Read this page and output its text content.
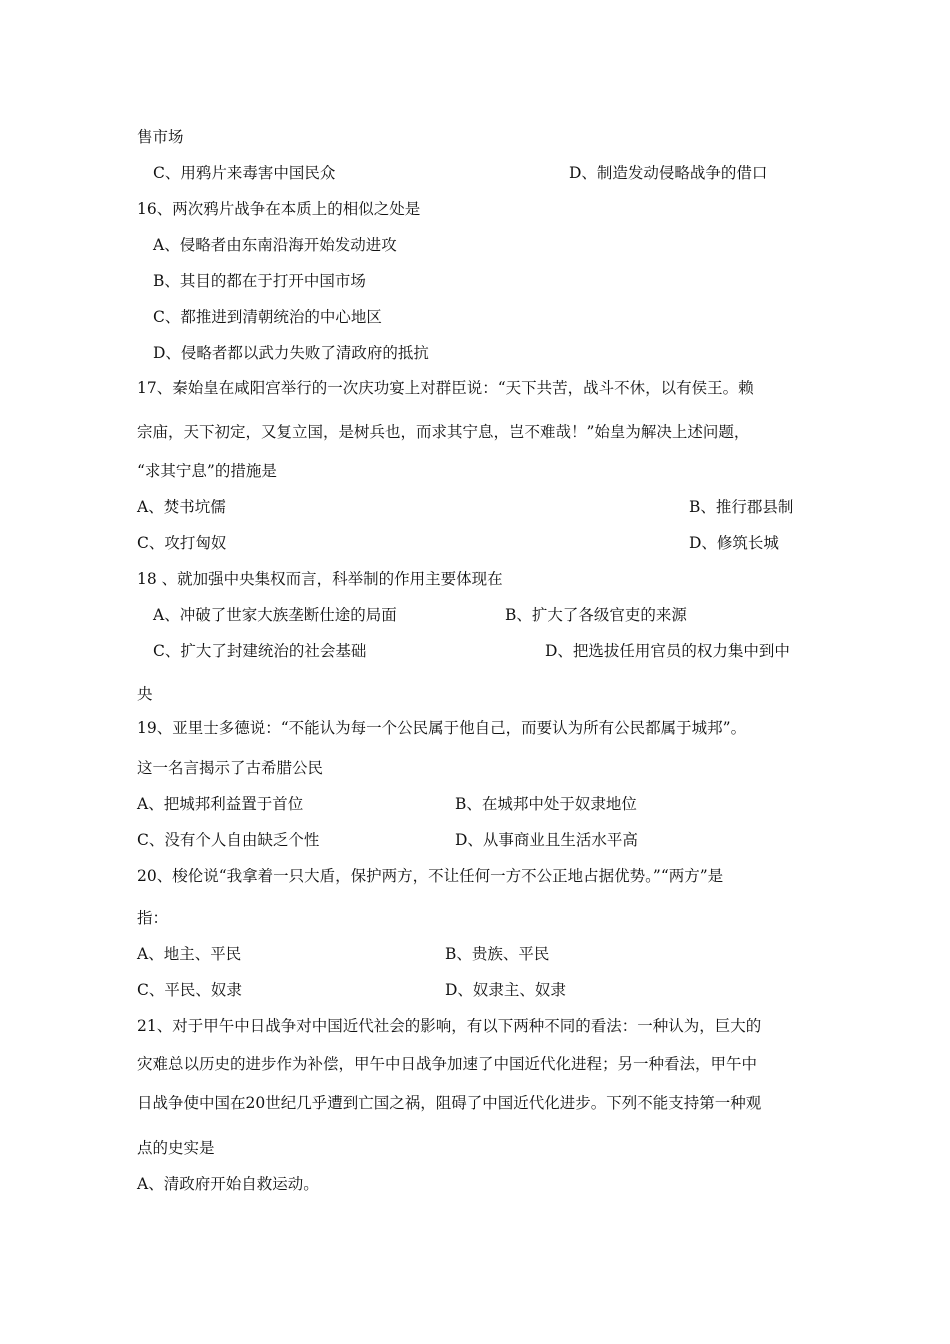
售市场
C、用鸦片来毒害中国民众	D、制造发动侵略战争的借口
16、两次鸦片战争在本质上的相似之处是
A、侵略者由东南沿海开始发动进攻
B、其目的都在于打开中国市场
C、都推进到清朝统治的中心地区
D、侵略者都以武力失败了清政府的抵抗
17、秦始皇在咸阳宫举行的一次庆功宴上对群臣说：“天下共苦，战斗不休，以有侯王。赖
宗庙，天下初定，又复立国，是树兵也，而求其宁息，岂不难哉！”始皇为解决上述问题，
“求其宁息”的措施是
A、焚书坑儒	B、推行郡县制
C、攻打匈奴	D、修筑长城
18 、就加强中央集权而言，科举制的作用主要体现在
A、冲破了世家大族垄断仕途的局面	B、扩大了各级官吏的来源
C、扩大了封建统治的社会基础	D、把选拔任用官员的权力集中到中
央
19、亚里士多德说：“不能认为每一个公民属于他自己，而要认为所有公民都属于城邦”。
这一名言揭示了古希腊公民
A、把城邦利益置于首位	B、在城邦中处于奴隶地位
C、没有个人自由缺乏个性	D、从事商业且生活水平高
20、梭伦说“我拿着一只大盾，保护两方，不让任何一方不公正地占据优势。”“两方”是
指：
A、地主、平民	B、贵族、平民
C、平民、奴隶	D、奴隶主、奴隶
21、对于甲午中日战争对中国近代社会的影响，有以下两种不同的看法：一种认为，巨大的
灾难总以历史的进步作为补偿，甲午中日战争加速了中国近代化进程；另一种看法，甲午中
日战争使中国在20世纪几乎遭到亡国之祸，阻碍了中国近代化进步。下列不能支持第一种观
点的史实是
A、清政府开始自救运动。
